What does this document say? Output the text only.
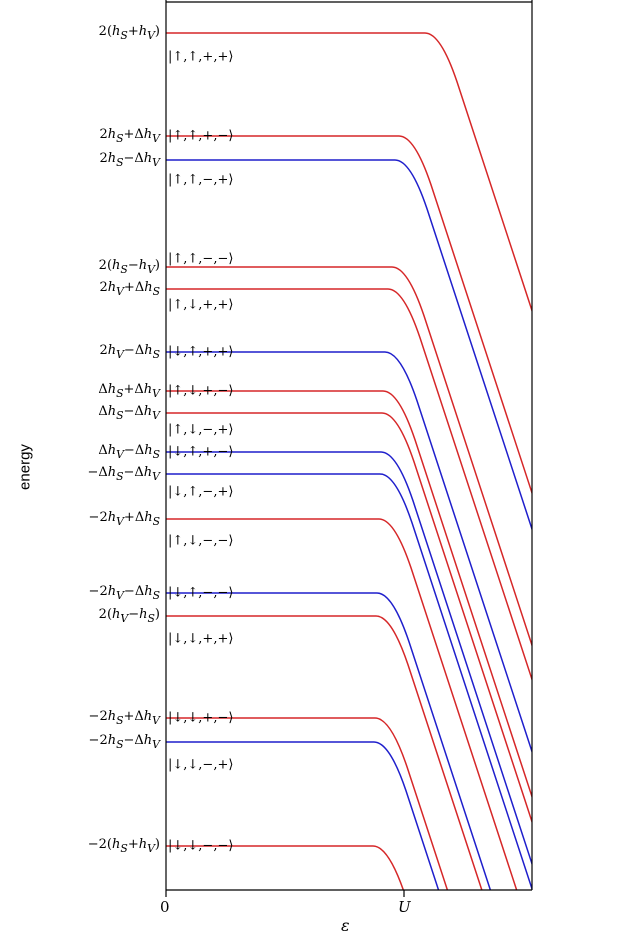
energy
$2(h_S+h_V)$
$2h_S+\Delta h_V$
$2h_S-\Delta h_V$
$2(h_S-h_V)$
$2h_V+\Delta h_S$
$2h_V-\Delta h_S$
$\Delta h_S+\Delta h_V$
$\Delta h_S-\Delta h_V$
$\Delta h_V-\Delta h_S$
$-\Delta h_S-\Delta h_V$
$-2h_V+\Delta h_S$
$-2h_V-\Delta h_S$
$2(h_V-h_S)$
$-2h_S+\Delta h_V$
$-2h_S-\Delta h_V$
$-2(h_S+h_V)$
|↑,↑,+,+⟩
|↑,↑,+,−⟩
|↑,↑,−,+⟩
|↑,↑,−,−⟩
|↑,↓,+,+⟩
|↓,↑,+,+⟩
|↑,↓,+,−⟩
|↑,↓,−,+⟩
|↓,↑,+,−⟩
|↓,↑,−,+⟩
|↑,↓,−,−⟩
|↓,↑,−,−⟩
|↓,↓,+,+⟩
|↓,↓,+,−⟩
|↓,↓,−,+⟩
|↓,↓,−,−⟩
0	U
ε
